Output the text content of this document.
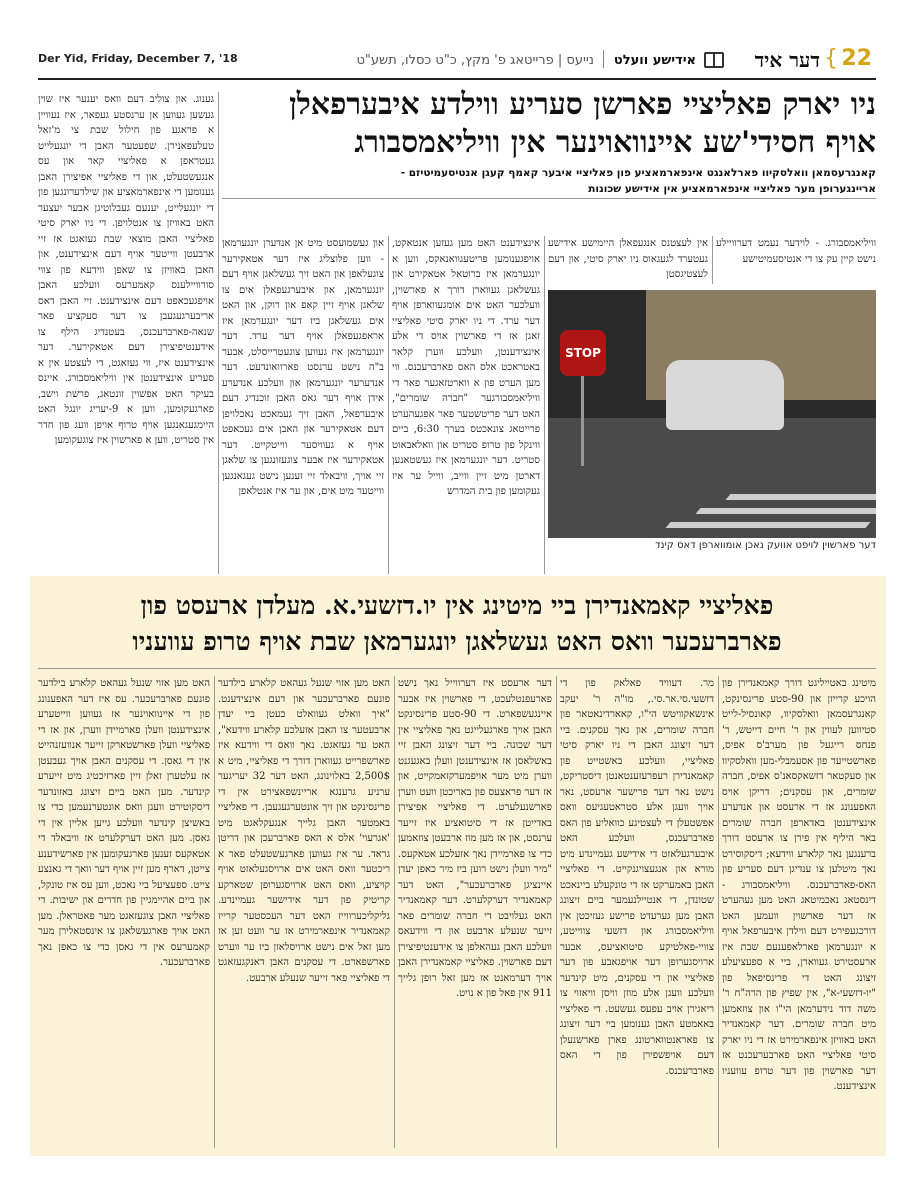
22
{
דער איד
אידישע וועלט
נייעס | פרייטאג פ' מקץ, כ"ט כסלו, תשע"ט
Der Yid, Friday, December 7, '18
ניו יארק פאליציי פארשן סעריע ווילדע איבערפאלן
אויף חסידי'שע איינוואוינער אין וויליאמסבורג
קאנגרעסמאן וואלסקיוו פארלאנגט אינפארמאציע פון פאליציי איבער קאמף קעגן אנטיסעמיטיזם -
אריינגערופן מער פאליציי אינפארמאציע אין אידישע שכונות
גענוג. און צוליב דעם וואס יענער איז שוין געשען געווען אן ערנסטע געפאר, איז נעוויין א פראגע פון חילול שבת צי מ'זאל טעלעפאנירן. שפעטער האבן די יונגעלייט געטראפן א פאליציי קאר און עס אנגעשטעלט, און די פאליציי אפיצירן האבן גענומען די אינפארמאציע און שילדערונגען פון די יונגעלייט, יענעם געבלוטיגן אבער יעצער האט באוויזן צו אנטלויפן. די ניו יארק סיטי פאליציי האבן מוצאי שבת געזאגט אז זיי ארבעטן ווייטער אויף דעם אינצידענט, און האבן באוויזן צו שאפן ווידעא פון צווי סורוויילענס קאמערעס וועלכע האבן אויפגעכאפט דעם אינצידענט. זיי האבן דאס אריבערגעגעבן צו דער סעקציע פאר שנאה-פארברעכנס, בעטנדיג הילף צו אידענטיפיצירן דעם אטאקירער. דער אינצידענט איז, ווי געזאגט, די לעצטע אין א סעריע אינצידענטן אין וויליאמסבורג. איינס בעיקר האט אפשוין זונטאג, פרשת וישב, פארגעקומען, ווען א 9-יעריג יונגל האט היימגעגאנגען אויף טרוף אויפן וועג פון חדר אין סטריט, ווען א פארשוין איז צוגעקומען
וויליאמסבורג. - לוידער נעמט דערוויילע נישט קיין עק צו די אנטיסעמיטישע
אין לעצטנס אנגעפאלן היימישע אידישע געטערד לגעגאוס ניו יארק סיטי, און דעם לעצטיגסטן
אינצידענט האט מען געזען אנטאקט, אויפגענומען פריטעגוואנאקס, ווען א יונגערמאן איז ברוטאל אטאקירט און געשלאגן געווארן דורך א פארשוין, וועלכער האט אים אומגעווארפן אויף דער ערד. די ניו יארק סיטי פאליציי זאגן אז די פארשוין אויס די אלע אינצידענטן, וועלכע ווערן קלאר באטראכט אלס האס פארברעכנס. ווי מען הערט פון א ווארטזאגער פאר די וויליאמסבורגער "חברה שומרים", האט דער פריטשטער פאר אפגעהערט פרייטאג צונאכטס בערך 6:30, ביים ווינקל פון טרופ סטריט און וואלאבאוט סטריט. דער יונגערמאן איז געשטאנען דארטן מיט זיין ווייב, ווייל ער איז געקומען פון בית המדרש
און געשמועסט מיט אן אנדערן יונגערמאן - ווען פלוצליג איז דער אטאקירער צוגעלאפן און האט זיך געשלאגן אויף דעם יונגערמאן, און איבערגעפאלן אים צו שלאגן אויף זיין קאפ און רוקן, און האט אים געשלאגן ביז דער יונגערמאן איז אראפגעפאלן אויף דער ערד. דער יונגערמאן איז געווען צוגעטרייסלט, אבער ב"ה נישט ערנסט פארוואונדעט. דער אנדערער יונגערמאן און וועלכע אנדערע אידן אויף דער גאס האבן זוכנדיג דעם איבערפאל, האבן זיך געמאכט נאכלויפן דעם אטאקירער און האבן אים געכאפט אויף א געוויסער ווייטקייט. דער אטאקירער איז אבער צוגעזונגען צו שלאגן זיי אויך, וויבאלד זיי זענען נישט געגאנגען ווייטער מיט אים, און ער איז אנטלאפן
STOP
דער פארשוין לויפט אוועק נאכן אומווארפן דאס קינד
פאליציי קאמאנדירן ביי מיטינג אין יו.דזשעי.א. מעלדן ארעסט פון
פארברעכער וואס האט געשלאגן יונגערמאן שבת אויף טרופ עוועניו
מיטינג באטייליגט דורך קאמאנדירן פון הויכע קרייזן און 90-סטע פרינסינקט, קאנגרעסמאן וואלסקיוו, קאונסיל-לייט סטיווען לעווין און ר' חיים דייטש, ר' פנחס רייגעל פון מערב'ס אפיס, פארשטייער פון אסעמבלי-מען וואלסקיוו און סעקטאר דזשאקסאנ'ס אפיס, חברה שומרים, און עסקנים; דריקן אויס האפענונג אז די ארעסט און אנדערע אינצידענטן באדארפן חברה שומרים באר היליף אין פירן צו ארעסט דורך ברענגען נאר קלארע ווידעא; דיסקוסירט נאך מיטלען צו ענדיגן דעם סעריע פון האס-פארברעכנס. וויליאמסבורג - דינסטאג נאכמיטאג האט מען געהערט אז דער פארשוין וועמען האט דורכגעפירט דעם ווילדן איבערפאל אויף א יונגערמאן פארלאפענעם שבת איז ארעסטירט געווארן, ביי א ספעציעלע זיצונג האט די פרינסיפאל פון "יו-דזשעי-א", אין שפיץ פון הרה"ח ר' משה דוד נידערמאן הי"ו און צוזאמען מיט חברה שומרים. דער קאמאנדיר האט באוויזן אינפארמירט אז די ניו יארק סיטי פאליציי האט פארבערעכנט אז דער פארשוין פון דער טרופ עוועניו אינצידענט.
מר. דעוויד פאלאק פון די דזשעי.סי.אר.סי., מו"ה ר' יעקב אינשאקוויטש הי"ו, קאארדינאטאר פון חברה שומרים, און נאך עסקנים. ביי דער זיצונג האבן די ניו יארק סיטי פאליציי, וועלכע באשטייט פון קאמאנדירן רעפרעזענטאנטן דיסטריקט, נישט נאר דער פרישער ארעסט, נאר אויך וועגן אלע סטראטעגיעס וואס אפשטעלן די לעצטיגע כוואליע פון האס פארברעכנס, וועלכע האט איבערגעלאזט די אידישע געמיינדע מיט מורא און אנגעצויגנקייט. די פאליציי האבן באמערקט אז די טונקעלע ביינאכט שטונדן, די אנטיילנעמער ביים זיצונג האבן מען גערעדט פרישע געזיכטן אין וויליאמסבורג און דזשעי צווייטע, צוויי-פאלטיקע סיטואציעס, אבער ארויסגערופן דער אויפגאבע פון דער פאליציי און די עסקנים, מיט קינדער וועלכע וועגן אלע מוזן וויסן וויאזוי צו ריאגירן אויב עפעס געשעט. די פאליציי באאמטע האבן גענומען ביי דער זיצונג צו פאראנטווארטונג פארן פארשנעלן דעם אויפשפירן פון די האס פארברעכנס.
דער ארעסט איז דערווייל נאך נישט פארעפנטלעכט, די פארשוין איז אבער איינגעשפארט. די 90-סטע פרינסינקט האבן אויך פארגעלייגט נאך פאליציי אין דער שכונה. ביי דער זיצונג האבן זיי באשלאסן אז אינצידענטן וועלן באגעגנט ווערן מיט מער אויפמערקזאמקייט, און אז דער פראצעס פון באריכטן וועט ווערן פארשנעלערט. די פאליציי אפיצירן באדייטן אז די סיטואציע איז זייער ערנסט, און אז מען מוז ארבעטן צוזאמען כדי צו פארמיידן נאך אזעלכע אטאקעס. "מיר וועלן נישט רוען ביז מיר כאפן יעדן איינציגן פארברעכער", האט דער קאמאנדיר דערקלערט. דער קאמאנדיר האט געלויבט די חברה שומרים פאר זייער שנעלע ארבעט און די ווידעאס וועלכע האבן געהאלפן צו אידענטיפיצירן דעם פארשוין. פאליציי קאמאנדירן האבן אויך דערמאנט אז מען זאל רופן גלייך 911 אין פאל פון א נויט.
האט מען אזוי שנעל געהאט קלארע בילדער פונעם פארברעכער און דעם אינצידענט. "איך וואלט געוואלט בעטן ביי יעדן ארבעטער צו האבן אזעלכע קלארע ווידעא", האט ער געזאגט. נאך וואס די ווידעא איז פארשפרייט געווארן דורך די פאליציי, מיט א 2,500$ באלוינונג, האט דער 32 יעריגער ערניע גרענגא אריינשפאצירט אין די פרינסינקט און זיך אונטערגעגעבן. די פאליציי באמטער האבן גלייך אנגעקלאגט מיט 'אגרעוי' אלס א האס פארברעכן און דריטן גראד. ער איז געווען פארגעשטעלט פאר א ריכטער וואס האט אים ארויסגעלאזט אויף קויציע, וואס האט ארויסגערופן שטארקע קריטיק פון דער אידישער געמיינדע. גליקליכערווייז האט דער העכסטער קרייז קאמאנדיר אינפארמירט אז ער וועט זען אז מען זאל אים נישט ארויסלאזן ביז ער ווערט פארשפארט. די עסקנים האבן דאנקגעזאגט די פאליציי פאר זייער שנעלע ארבעט.
האט מען אזוי שנעל געהאט קלארע בילדער פונעם פארברעכער. עס איז דער האפענונג פון די איינוואוינער אז געווען ווייטערע אינצידענטן וועלן פארמיידן ווערן, און אז די פאליציי וועלן פארשטארקן זייער אנוועזנהייט אין די גאסן. די עסקנים האבן אויך געבעטן אז עלטערן זאלן זיין פארזיכטיג מיט זייערע קינדער. מען האט ביים זיצונג באזונדער דיסקוטירט וועגן וואס אונטערנעמען כדי צו באשיצן קינדער וועלכע גייען אליין אין די גאסן. מען האט דערקלערט אז וויבאלד די אטאקעס זענען פארגעקומען אין פארשידענע צייטן, דארף מען זיין אויף דער וואך די גאנצע צייט. ספעציעל ביי נאכט, ווען עס איז טונקל, און ביים אהיימגיין פון חדרים און ישיבות. די פאליציי האבן צוגעזאגט מער פאטראלן. מען האט אויך פארגעשלאגן צו אינסטאלירן מער קאמערעס אין די גאסן כדי צו כאפן נאך פארברעכער.
